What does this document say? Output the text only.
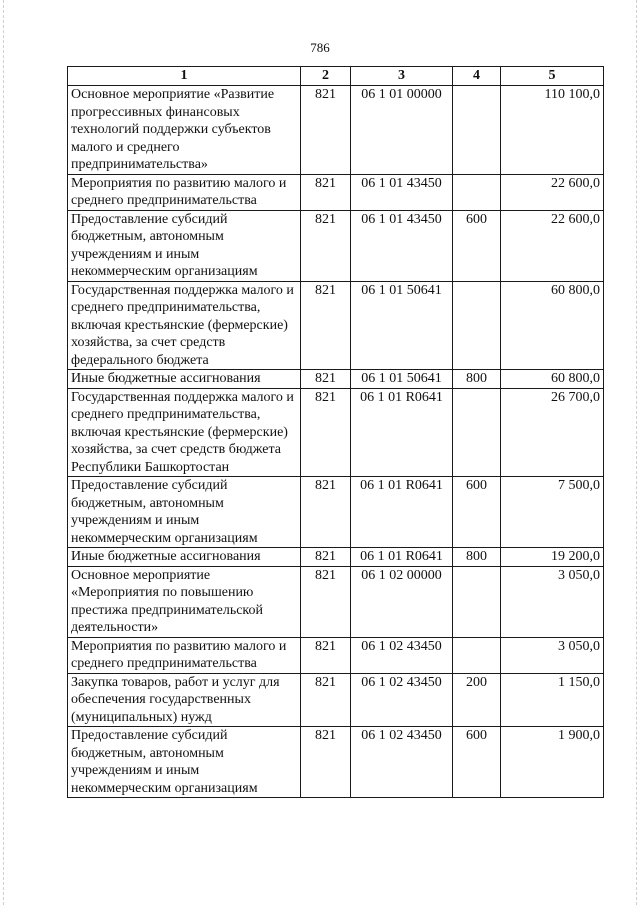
786
1	2	3	4	5
Основное мероприятие «Развитие прогрессивных финансовых технологий поддержки субъектов малого и среднего предпринимательства»	821	06 1 01 00000		110 100,0
Мероприятия по развитию малого и среднего предпринимательства	821	06 1 01 43450		22 600,0
Предоставление субсидий бюджетным, автономным учреждениям и иным некоммерческим организациям	821	06 1 01 43450	600	22 600,0
Государственная поддержка малого и среднего предпринимательства, включая крестьянские (фермерские) хозяйства, за счет средств федерального бюджета	821	06 1 01 50641		60 800,0
Иные бюджетные ассигнования	821	06 1 01 50641	800	60 800,0
Государственная поддержка малого и среднего предпринимательства, включая крестьянские (фермерские) хозяйства, за счет средств бюджета Республики Башкортостан	821	06 1 01 R0641		26 700,0
Предоставление субсидий бюджетным, автономным учреждениям и иным некоммерческим организациям	821	06 1 01 R0641	600	7 500,0
Иные бюджетные ассигнования	821	06 1 01 R0641	800	19 200,0
Основное мероприятие «Мероприятия по повышению престижа предпринимательской деятельности»	821	06 1 02 00000		3 050,0
Мероприятия по развитию малого и среднего предпринимательства	821	06 1 02 43450		3 050,0
Закупка товаров, работ и услуг для обеспечения государственных (муниципальных) нужд	821	06 1 02 43450	200	1 150,0
Предоставление субсидий бюджетным, автономным учреждениям и иным некоммерческим организациям	821	06 1 02 43450	600	1 900,0
